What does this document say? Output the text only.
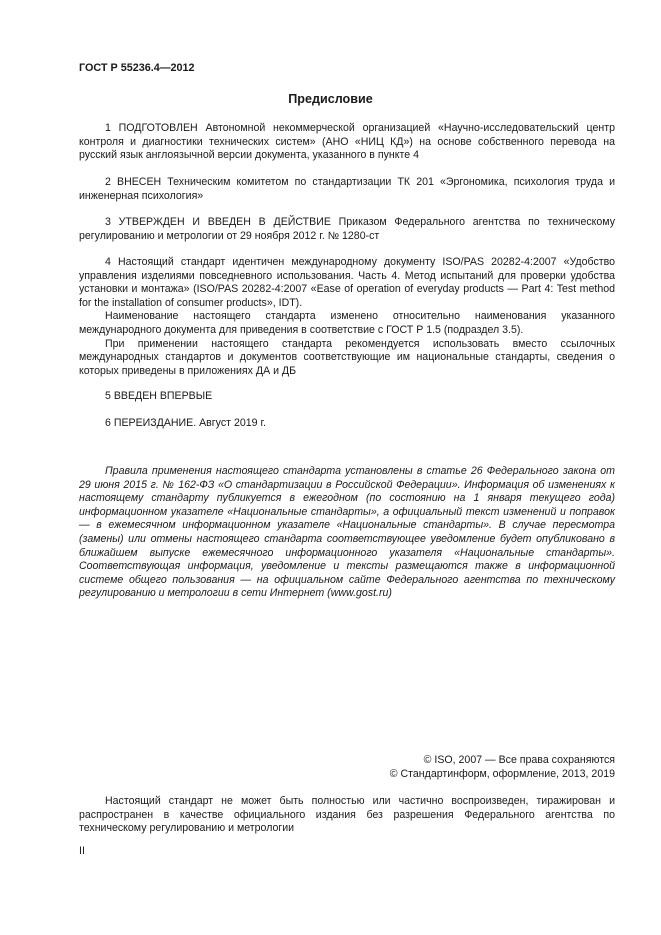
ГОСТ Р 55236.4—2012
Предисловие

1 ПОДГОТОВЛЕН Автономной некоммерческой организацией «Научно-исследовательский центр контроля и диагностики технических систем» (АНО «НИЦ КД») на основе собственного перевода на русский язык англоязычной версии документа, указанного в пункте 4

2 ВНЕСЕН Техническим комитетом по стандартизации ТК 201 «Эргономика, психология труда и инженерная психология»

3 УТВЕРЖДЕН И ВВЕДЕН В ДЕЙСТВИЕ Приказом Федерального агентства по техническому регулированию и метрологии от 29 ноября 2012 г. № 1280-ст

4 Настоящий стандарт идентичен международному документу ISO/PAS 20282-4:2007 «Удобство управления изделиями повседневного использования. Часть 4. Метод испытаний для проверки удобства установки и монтажа» (ISO/PAS 20282-4:2007 «Ease of operation of everyday products — Part 4: Test method for the installation of consumer products», IDT).

Наименование настоящего стандарта изменено относительно наименования указанного международного документа для приведения в соответствие с ГОСТ Р 1.5 (подраздел 3.5).

При применении настоящего стандарта рекомендуется использовать вместо ссылочных международных стандартов и документов соответствующие им национальные стандарты, сведения о которых приведены в приложениях ДА и ДБ

5 ВВЕДЕН ВПЕРВЫЕ

6 ПЕРЕИЗДАНИЕ. Август 2019 г.

Правила применения настоящего стандарта установлены в статье 26 Федерального закона от 29 июня 2015 г. № 162-ФЗ «О стандартизации в Российской Федерации». Информация об изменениях к настоящему стандарту публикуется в ежегодном (по состоянию на 1 января текущего года) информационном указателе «Национальные стандарты», а официальный текст изменений и поправок — в ежемесячном информационном указателе «Национальные стандарты». В случае пересмотра (замены) или отмены настоящего стандарта соответствующее уведомление будет опубликовано в ближайшем выпуске ежемесячного информационного указателя «Национальные стандарты». Соответствующая информация, уведомление и тексты размещаются также в информационной системе общего пользования — на официальном сайте Федерального агентства по техническому регулированию и метрологии в сети Интернет (www.gost.ru)

© ISO, 2007 — Все права сохраняются
© Стандартинформ, оформление, 2013, 2019

Настоящий стандарт не может быть полностью или частично воспроизведен, тиражирован и распространен в качестве официального издания без разрешения Федерального агентства по техническому регулированию и метрологии

II
